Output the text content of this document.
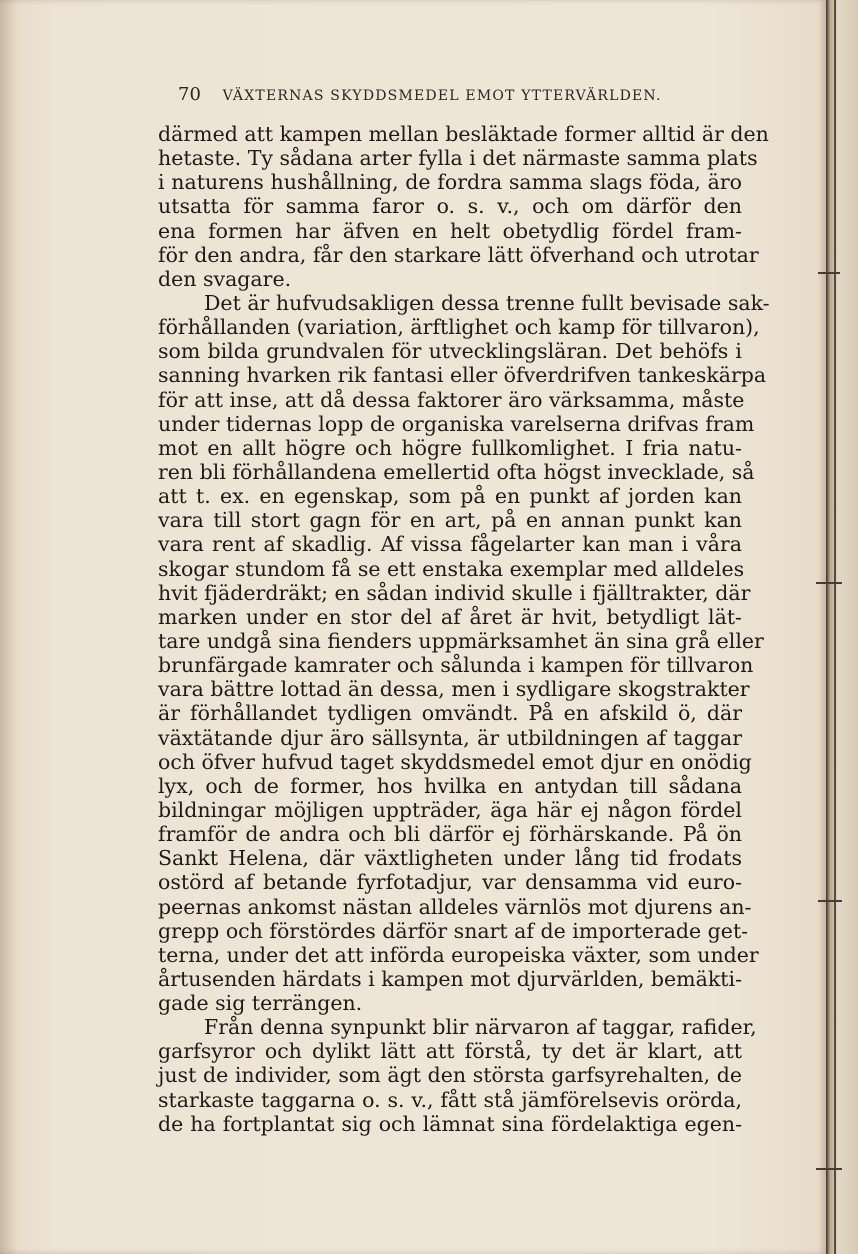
70 VÄXTERNAS SKYDDSMEDEL EMOT YTTERVÄRLDEN.
därmed att kampen mellan besläktade former alltid är den
hetaste. Ty sådana arter fylla i det närmaste samma plats
i naturens hushållning, de fordra samma slags föda, äro
utsatta för samma faror o. s. v., och om därför den
ena formen har äfven en helt obetydlig fördel fram-
för den andra, får den starkare lätt öfverhand och utrotar
den svagare.
Det är hufvudsakligen dessa trenne fullt bevisade sak-
förhållanden (variation, ärftlighet och kamp för tillvaron),
som bilda grundvalen för utvecklingsläran. Det behöfs i
sanning hvarken rik fantasi eller öfverdrifven tankeskärpa
för att inse, att då dessa faktorer äro värksamma, måste
under tidernas lopp de organiska varelserna drifvas fram
mot en allt högre och högre fullkomlighet. I fria natu-
ren bli förhållandena emellertid ofta högst invecklade, så
att t. ex. en egenskap, som på en punkt af jorden kan
vara till stort gagn för en art, på en annan punkt kan
vara rent af skadlig. Af vissa fågelarter kan man i våra
skogar stundom få se ett enstaka exemplar med alldeles
hvit fjäderdräkt; en sådan individ skulle i fjälltrakter, där
marken under en stor del af året är hvit, betydligt lät-
tare undgå sina fienders uppmärksamhet än sina grå eller
brunfärgade kamrater och sålunda i kampen för tillvaron
vara bättre lottad än dessa, men i sydligare skogstrakter
är förhållandet tydligen omvändt. På en afskild ö, där
växtätande djur äro sällsynta, är utbildningen af taggar
och öfver hufvud taget skyddsmedel emot djur en onödig
lyx, och de former, hos hvilka en antydan till sådana
bildningar möjligen uppträder, äga här ej någon fördel
framför de andra och bli därför ej förhärskande. På ön
Sankt Helena, där växtligheten under lång tid frodats
ostörd af betande fyrfotadjur, var densamma vid euro-
peernas ankomst nästan alldeles värnlös mot djurens an-
grepp och förstördes därför snart af de importerade get-
terna, under det att införda europeiska växter, som under
årtusenden härdats i kampen mot djurvärlden, bemäkti-
gade sig terrängen.
Från denna synpunkt blir närvaron af taggar, rafider,
garfsyror och dylikt lätt att förstå, ty det är klart, att
just de individer, som ägt den största garfsyrehalten, de
starkaste taggarna o. s. v., fått stå jämförelsevis orörda,
de ha fortplantat sig och lämnat sina fördelaktiga egen-
